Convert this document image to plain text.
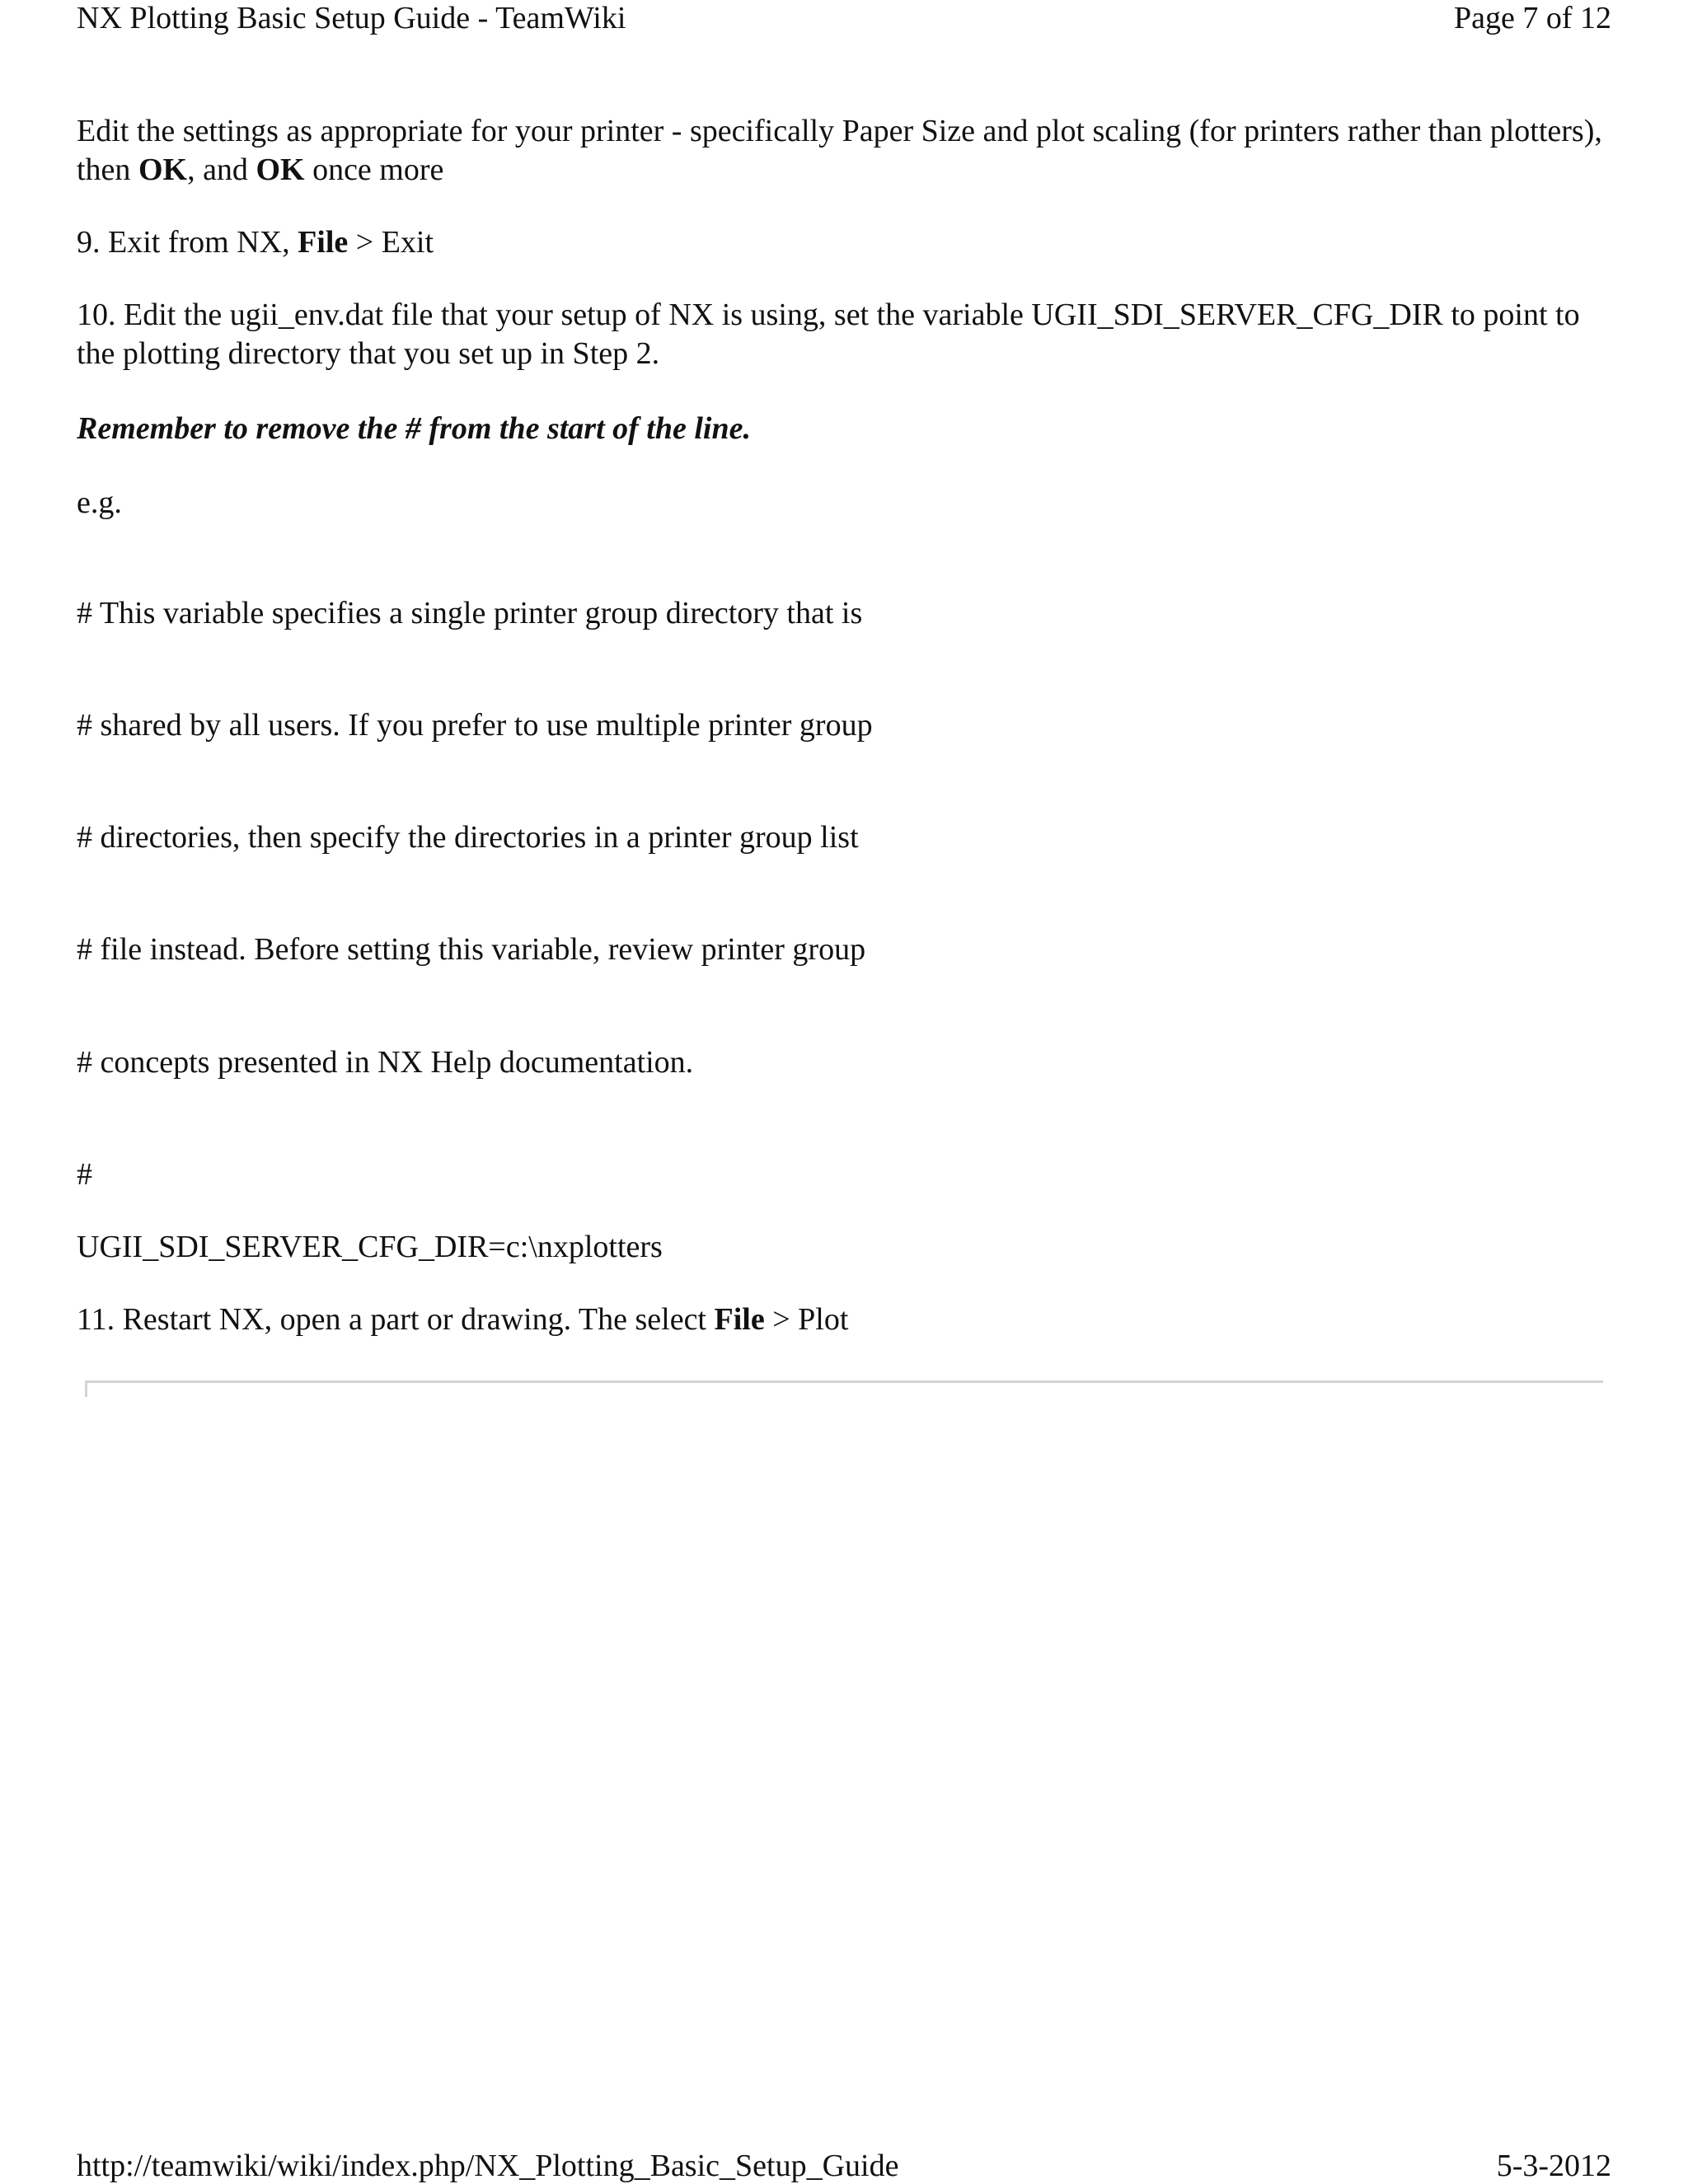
NX Plotting Basic Setup Guide - TeamWiki	Page 7 of 12

Edit the settings as appropriate for your printer - specifically Paper Size and plot scaling (for printers rather than plotters), then OK, and OK once more

9. Exit from NX, File > Exit

10. Edit the ugii_env.dat file that your setup of NX is using, set the variable UGII_SDI_SERVER_CFG_DIR to point to the plotting directory that you set up in Step 2.

Remember to remove the # from the start of the line.

e.g.

# This variable specifies a single printer group directory that is

# shared by all users. If you prefer to use multiple printer group

# directories, then specify the directories in a printer group list

# file instead. Before setting this variable, review printer group

# concepts presented in NX Help documentation.

#

UGII_SDI_SERVER_CFG_DIR=c:\nxplotters

11. Restart NX, open a part or drawing. The select File > Plot

http://teamwiki/wiki/index.php/NX_Plotting_Basic_Setup_Guide	5-3-2012
